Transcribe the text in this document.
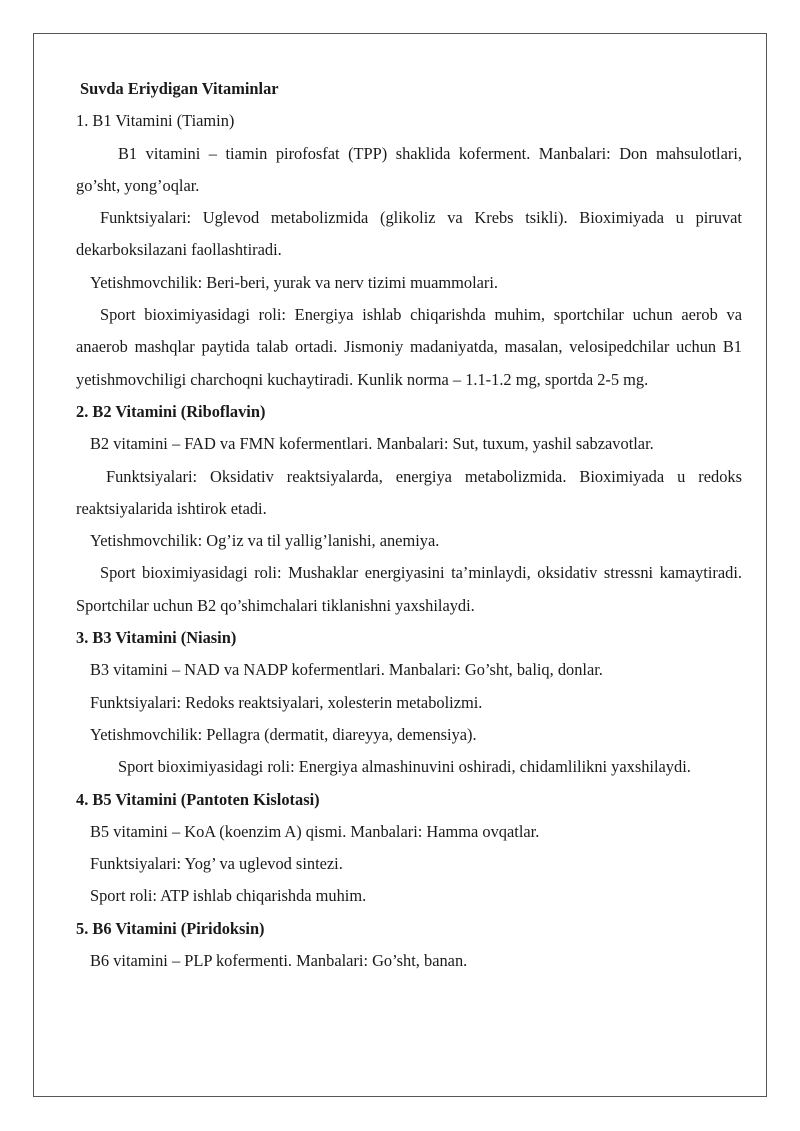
Suvda Eriydigan Vitaminlar

1. B1 Vitamini (Tiamin)

B1 vitamini – tiamin pirofosfat (TPP) shaklida koferment. Manbalari: Don mahsulotlari, go’sht, yong’oqlar.

Funktsiyalari: Uglevod metabolizmida (glikoliz va Krebs tsikli). Bioximiyada u piruvat dekarboksilazani faollashtiradi.

Yetishmovchilik: Beri-beri, yurak va nerv tizimi muammolari.

Sport bioximiyasidagi roli: Energiya ishlab chiqarishda muhim, sportchilar uchun aerob va anaerob mashqlar paytida talab ortadi. Jismoniy madaniyatda, masalan, velosipedchilar uchun B1 yetishmovchiligi charchoqni kuchaytiradi. Kunlik norma – 1.1-1.2 mg, sportda 2-5 mg.

2. B2 Vitamini (Riboflavin)

B2 vitamini – FAD va FMN kofermentlari. Manbalari: Sut, tuxum, yashil sabzavotlar.

Funktsiyalari: Oksidativ reaktsiyalarda, energiya metabolizmida. Bioximiyada u redoks reaktsiyalarida ishtirok etadi.

Yetishmovchilik: Og’iz va til yallig’lanishi, anemiya.

Sport bioximiyasidagi roli: Mushaklar energiyasini ta’minlaydi, oksidativ stressni kamaytiradi. Sportchilar uchun B2 qo’shimchalari tiklanishni yaxshilaydi.

3. B3 Vitamini (Niasin)

B3 vitamini – NAD va NADP kofermentlari. Manbalari: Go’sht, baliq, donlar.

Funktsiyalari: Redoks reaktsiyalari, xolesterin metabolizmi.

Yetishmovchilik: Pellagra (dermatit, diareyya, demensiya).

Sport bioximiyasidagi roli: Energiya almashinuvini oshiradi, chidamlilikni yaxshilaydi.

4. B5 Vitamini (Pantoten Kislotasi)

B5 vitamini – KoA (koenzim A) qismi. Manbalari: Hamma ovqatlar.

Funktsiyalari: Yog’ va uglevod sintezi.

Sport roli: ATP ishlab chiqarishda muhim.

5. B6 Vitamini (Piridoksin)

B6 vitamini – PLP kofermenti. Manbalari: Go’sht, banan.
